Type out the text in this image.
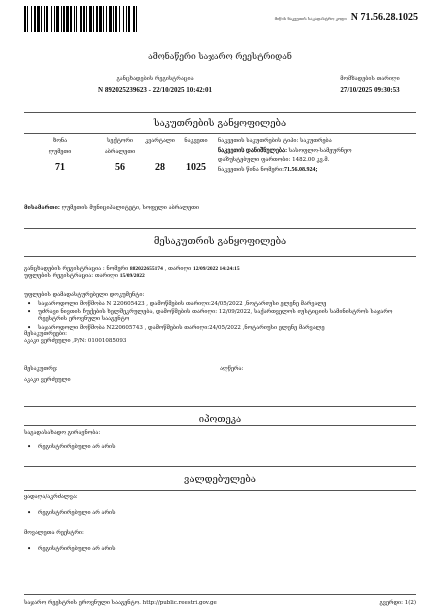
მიწის ნაკვეთის საკადასტრო კოდი N 71.56.28.1025
ამონაწერი საჯარო რეესტრიდან
განცხადების რეგისტრაცია
N 892025239623 - 22/10/2025 10:42:01
მომზადების თარიღი
27/10/2025 09:30:53
საკუთრების განყოფილება
ზონა
ღუმეთი
71
სექტორი
აბრალეთი
56
კვარტალი
28
ნაკვეთი
1025
ნაკვეთის საკუთრების ტიპი: საკუთრება
ნაკვეთის დანიშნულება: სასოფლო-სამეურნეო
დაზუსტებული ფართობი: 1482.00 კვ.მ.
ნაკვეთის წინა ნომერი:71.56.08.924;
მისამართი: ღუმეთის მუნიციპალიტეტი, სოფელი აბრალეთი
მესაკუთრის განყოფილება
განცხადების რეგისტრაცია : ნომერი 882022655174 , თარიღი 12/09/2022 14:24:15
უფლების რეგისტრაცია: თარიღი 15/09/2022
უფლების დამადასტურებელი დოკუმენტი:
• საჯაროდოლი მოწმობა N 220605423 , დამოწმების თარიღი:24/05/2022 ,ნოტარიუსი ელენე მარვალე
• უძრავი ნივთის ჩუქების ხელშეკრულება, დამოწმების თარიღი: 12/09/2022, საქართველოს იუსტიციის სამინისტროს საჯარო რეესტრის ეროვნული სააგენტო
• საჯაროდოლი მოწმობა N220605743 , დამოწმების თარიღი:24/05/2022 ,ნოტარიუსი ელენე მარვალე
მესაკუთრეები:
აკაკი ვერძეული ,P/N: 01001085093
მესაკუთრე:
აკაკი ვერძეული
აღწერა:
იპოთეკა
საგადასახადო გირავნობა:
• რეგისტრირებული არ არის
ვალდებულება
ყადაღა/აკრძალვა:
• რეგისტრირებული არ არის
მოვალეთა რეესტრი:
• რეგისტრირებული არ არის
საჯარო რეესტრის ეროვნული სააგენტო. http://public.reestri.gov.ge	გვერდი: 1(2)
